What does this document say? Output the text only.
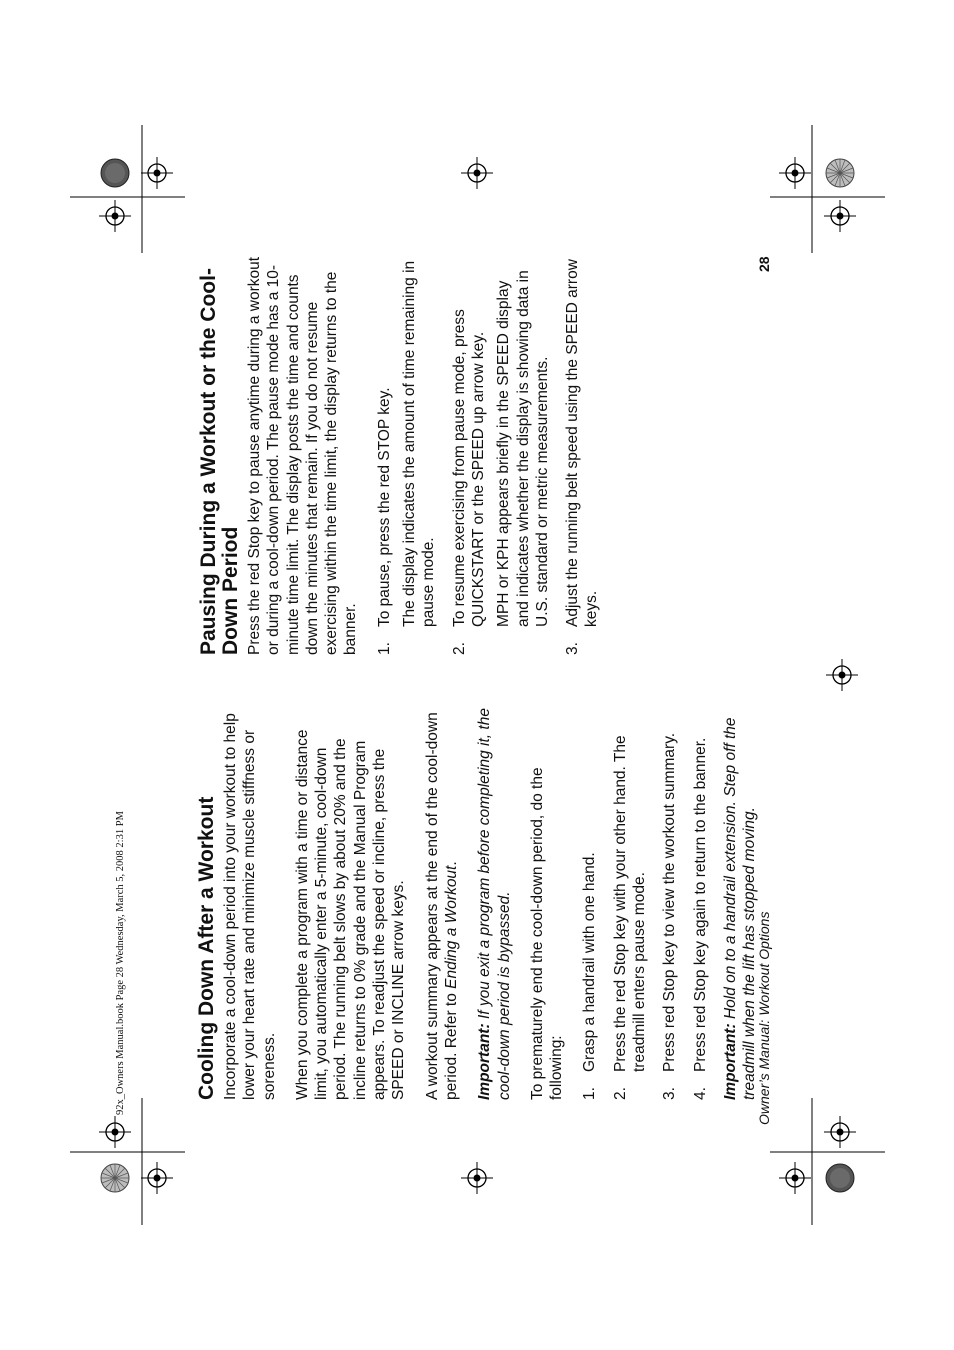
92x_Owners Manual.book Page 28 Wednesday, March 5, 2008 2:31 PM	Cooling Down After a Workout Incorporate a cool-down period into your workout to help lower your heart rate and minimize muscle stiffness or soreness. When you complete a program with a time or distance limit, you automatically enter a 5-minute, cool-down period. The running belt slows by about 20% and the incline returns to 0% grade and the Manual Program appears. To readjust the speed or incline, press the SPEED or INCLINE arrow keys. A workout summary appears at the end of the cool-down period. Refer to Ending a Workout.

Important: If you exit a program before completing it, the cool-down period is bypassed. To prematurely end the cool-down period, do the following: 1.
Grasp a handrail with one hand.
2.
Press the red Stop key with your other hand. The treadmill enters pause mode.
3.
Press red Stop key to view the workout summary.
4.
Press red Stop key again to return to the banner. Important: Hold on to a handrail extension. Step off the treadmill when the lift has stopped moving.

Pausing During a Workout or the Cool-Down Period Press the red Stop key to pause anytime during a workout or during a cool-down period. The pause mode has a 10-minute time limit. The display posts the time and counts down the minutes that remain. If you do not resume exercising within the time limit, the display returns to the banner. 1.

To pause, press the red STOP key. The display indicates the amount of time remaining in pause mode.

2.

To resume exercising from pause mode, press QUICKSTART or the SPEED up arrow key. MPH or KPH appears briefly in the SPEED display and indicates whether the display is showing data in U.S. standard or metric measurements.

3.

Adjust the running belt speed using the SPEED arrow keys.

Owner’s Manual: Workout Options
28
